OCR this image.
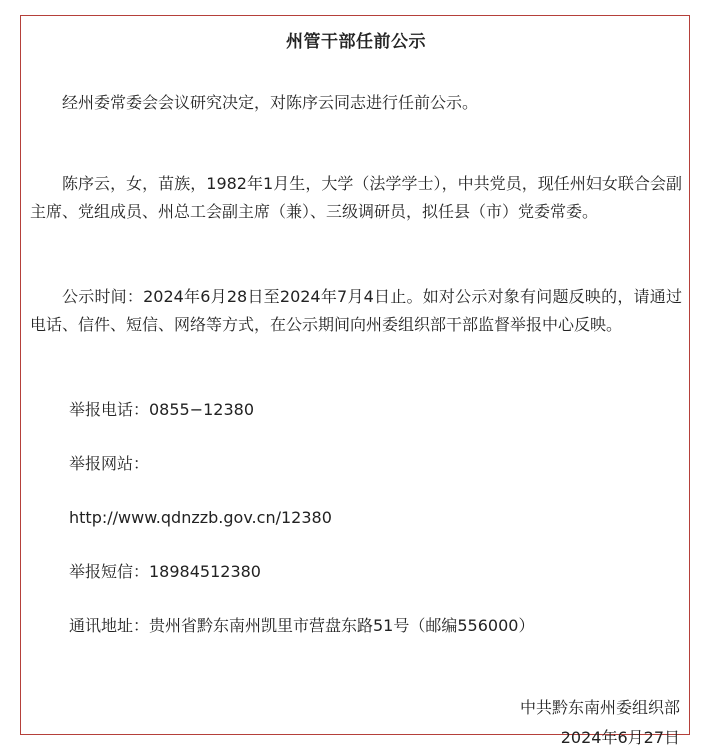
州管干部任前公示

经州委常委会会议研究决定，对陈序云同志进行任前公示。

陈序云，女，苗族，1982年1月生，大学（法学学士），中共党员，现任州妇女联合会副主席、党组成员、州总工会副主席（兼）、三级调研员，拟任县（市）党委常委。

公示时间：2024年6月28日至2024年7月4日止。如对公示对象有问题反映的，请通过电话、信件、短信、网络等方式，在公示期间向州委组织部干部监督举报中心反映。

举报电话：0855−12380
举报网站：
http://www.qdnzzb.gov.cn/12380
举报短信：18984512380
通讯地址：贵州省黔东南州凯里市营盘东路51号（邮编556000）
中共黔东南州委组织部
2024年6月27日
